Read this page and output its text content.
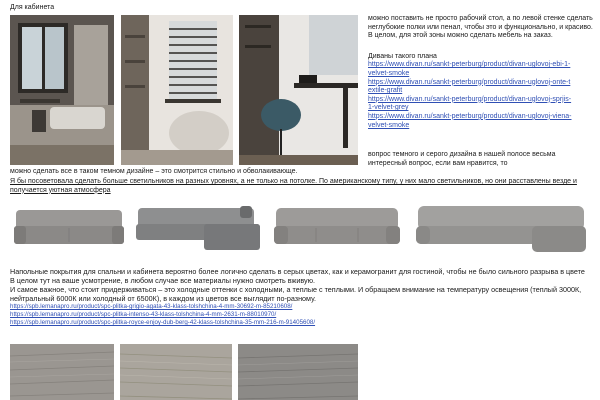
Для кабинета

можно поставить не просто рабочий стол, а по левой стенке сделать неглубокие полки или пенал, чтобы это и функционально, и красиво. В целом, для этой зоны можно сделать мебель на заказ.

Диваны такого плана

https://www.divan.ru/sankt-peterburg/product/divan-uglovoj-ebi-1-velvet-smoke
https://www.divan.ru/sankt-peterburg/product/divan-uglovoj-onte-textile-grafit
https://www.divan.ru/sankt-peterburg/product/divan-uglovoj-sprjis-1-velvet-grey
https://www.divan.ru/sankt-peterburg/product/divan-uglovoj-viena-velvet-smoke
вопрос темного и серого дизайна в нашей полосе весьма интересный вопрос, если вам нравится, то
можно сделать все в таком темном дизайне – это смотрится стильно и обволакивающе.
Я бы посоветовала сделать больше светильников на разных уровнях, а не только на потолке. По американскому типу, у них мало светильников, но они расставлены везде и получается уютная атмосфера

Напольные покрытия для спальни и кабинета вероятно более логично сделать в серых цветах, как и керамогранит для гостиной, чтобы не было сильного разрыва в цвете

В целом тут на ваше усмотрение, в любом случае все материалы нужно смотреть вживую.

И самое важное, что стоит придерживаться – это холодные оттенки с холодными, а теплые с теплыми. И обращаем внимание на температуру освещения (теплый 3000К, нейтральный 6000К или холодный от 6500К), в каждом из цветов все выглядит по-разному.

https://spb.lemanapro.ru/product/spc-plitka-grigio-agata-43-klass-tolshchina-4-mm-30692-m-85210608/
https://spb.lemanapro.ru/product/spc-plitka-intenso-43-klass-tolshchina-4-mm-2631-m-88010970/
https://spb.lemanapro.ru/product/spc-plitka-royce-enjoy-dub-berg-42-klass-tolshchina-35-mm-216-m-91405608/
